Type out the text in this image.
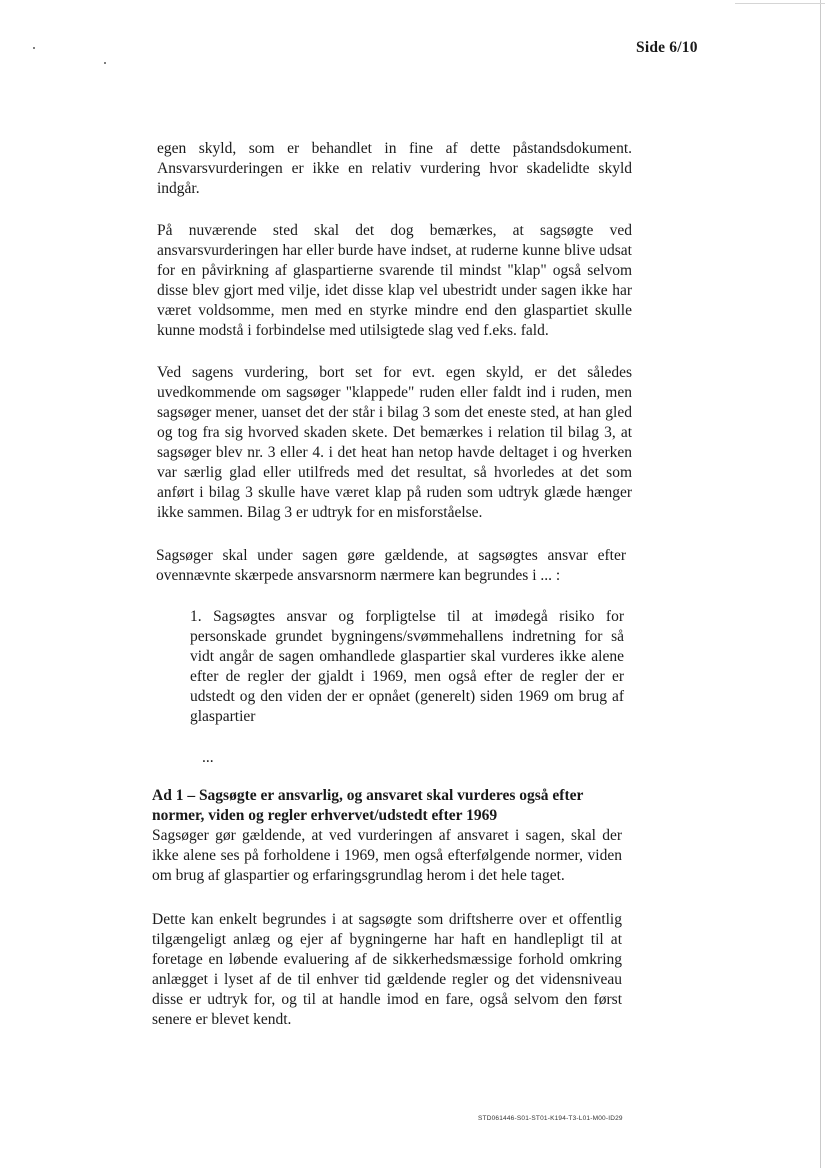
Side 6/10

egen skyld, som er behandlet in fine af dette påstandsdokument. Ansvarsvurderingen er ikke en relativ vurdering hvor skadelidte skyld indgår.

På nuværende sted skal det dog bemærkes, at sagsøgte ved ansvarsvurderingen har eller burde have indset, at ruderne kunne blive udsat for en påvirkning af glaspartierne svarende til mindst "klap" også selvom disse blev gjort med vilje, idet disse klap vel ubestridt under sagen ikke har været voldsomme, men med en styrke mindre end den glaspartiet skulle kunne modstå i forbindelse med utilsigtede slag ved f.eks. fald.

Ved sagens vurdering, bort set for evt. egen skyld, er det således uvedkommende om sagsøger "klappede" ruden eller faldt ind i ruden, men sagsøger mener, uanset det der står i bilag 3 som det eneste sted, at han gled og tog fra sig hvorved skaden skete. Det bemærkes i relation til bilag 3, at sagsøger blev nr. 3 eller 4. i det heat han netop havde deltaget i og hverken var særlig glad eller utilfreds med det resultat, så hvorledes at det som anført i bilag 3 skulle have været klap på ruden som udtryk glæde hænger ikke sammen. Bilag 3 er udtryk for en misforståelse.

Sagsøger skal under sagen gøre gældende, at sagsøgtes ansvar efter ovennævnte skærpede ansvarsnorm nærmere kan begrundes i ... :

1. Sagsøgtes ansvar og forpligtelse til at imødegå risiko for personskade grundet bygningens/svømmehallens indretning for så vidt angår de sagen omhandlede glaspartier skal vurderes ikke alene efter de regler der gjaldt i 1969, men også efter de regler der er udstedt og den viden der er opnået (generelt) siden 1969 om brug af glaspartier

...

Ad 1 – Sagsøgte er ansvarlig, og ansvaret skal vurderes også efter normer, viden og regler erhvervet/udstedt efter 1969

Sagsøger gør gældende, at ved vurderingen af ansvaret i sagen, skal der ikke alene ses på forholdene i 1969, men også efterfølgende normer, viden om brug af glaspartier og erfaringsgrundlag herom i det hele taget.

Dette kan enkelt begrundes i at sagsøgte som driftsherre over et offentlig tilgængeligt anlæg og ejer af bygningerne har haft en handlepligt til at foretage en løbende evaluering af de sikkerhedsmæssige forhold omkring anlægget i lyset af de til enhver tid gældende regler og det vidensniveau disse er udtryk for, og til at handle imod en fare, også selvom den først senere er blevet kendt.

STD061446-S01-ST01-K194-T3-L01-M00-ID29
